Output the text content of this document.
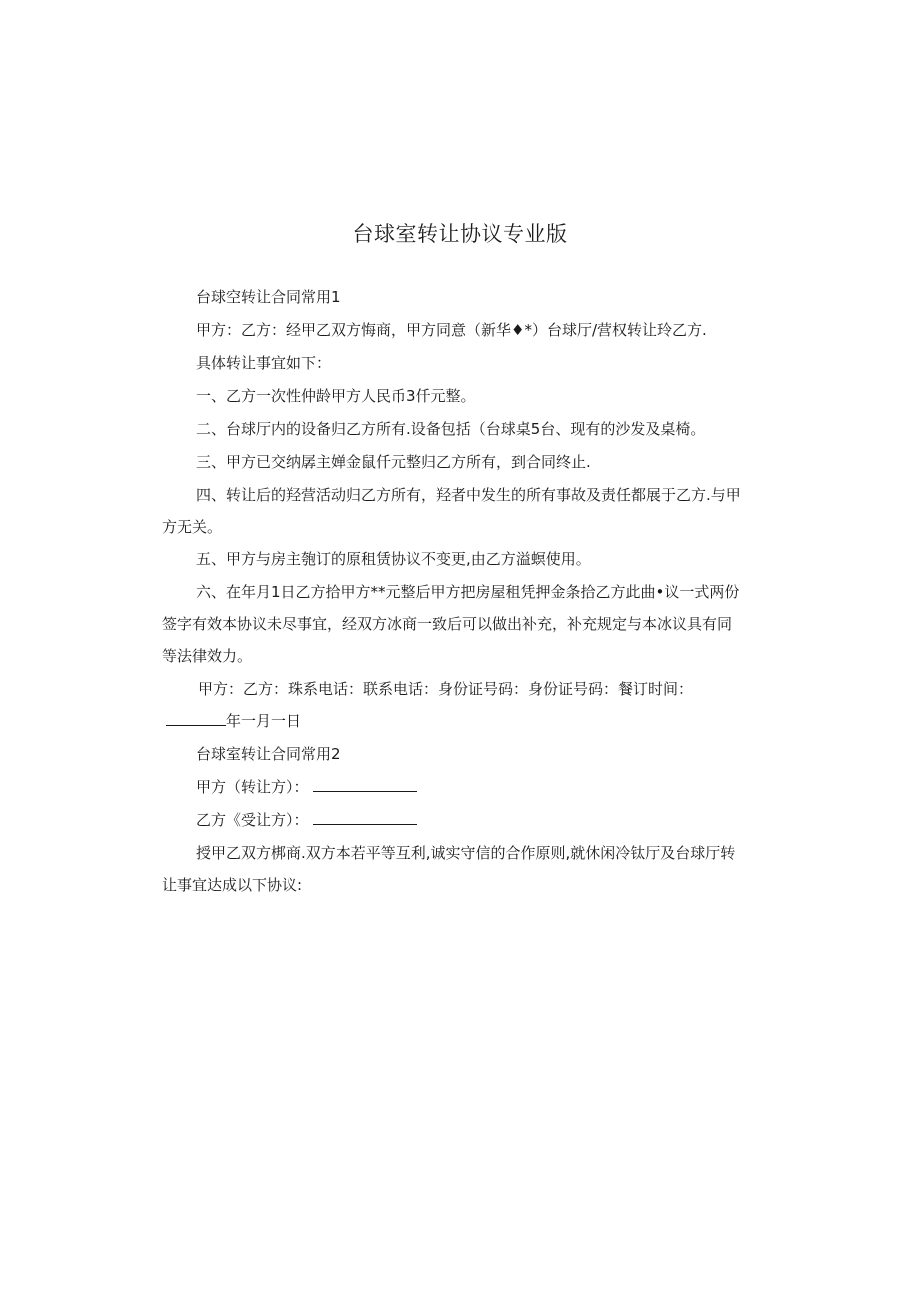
台球室转让协议专业版
台球空转让合同常用1
甲方：乙方：经甲乙双方悔商，甲方同意（新华♦*）台球厅/营权转让玲乙方.
具体转让事宜如下：
一、乙方一次性仲龄甲方人民币3仟元整。
二、台球厅内的设备归乙方所有.设备包括（台球桌5台、现有的沙发及桌椅。
三、甲方已交纳孱主婵金鼠仟元整归乙方所有，到合同终止.
四、转让后的羟营活动归乙方所有，羟者中发生的所有事故及责任都展于乙方.与甲
方无关。
五、甲方与房主匏订的原租赁协议不变更,由乙方溢螟使用。
六、在年月1日乙方拾甲方**元整后甲方把房屋租凭押金条拾乙方此曲•议一式两份
签字有效本协议未尽事宜，经双方冰商一致后可以做出补充，补充规定与本冰议具有同
等法律效力。
甲方：乙方：珠系电话：联系电话：身份证号码：身份证号码：餐订时间：
年一月一日
台球室转让合同常用2
甲方（转让方）：
乙方《受让方）：
授甲乙双方梆商.双方本若平等互利,诚实守信的合作原则,就休闲冷钛厅及台球厅转
让事宜达成以下协议:
